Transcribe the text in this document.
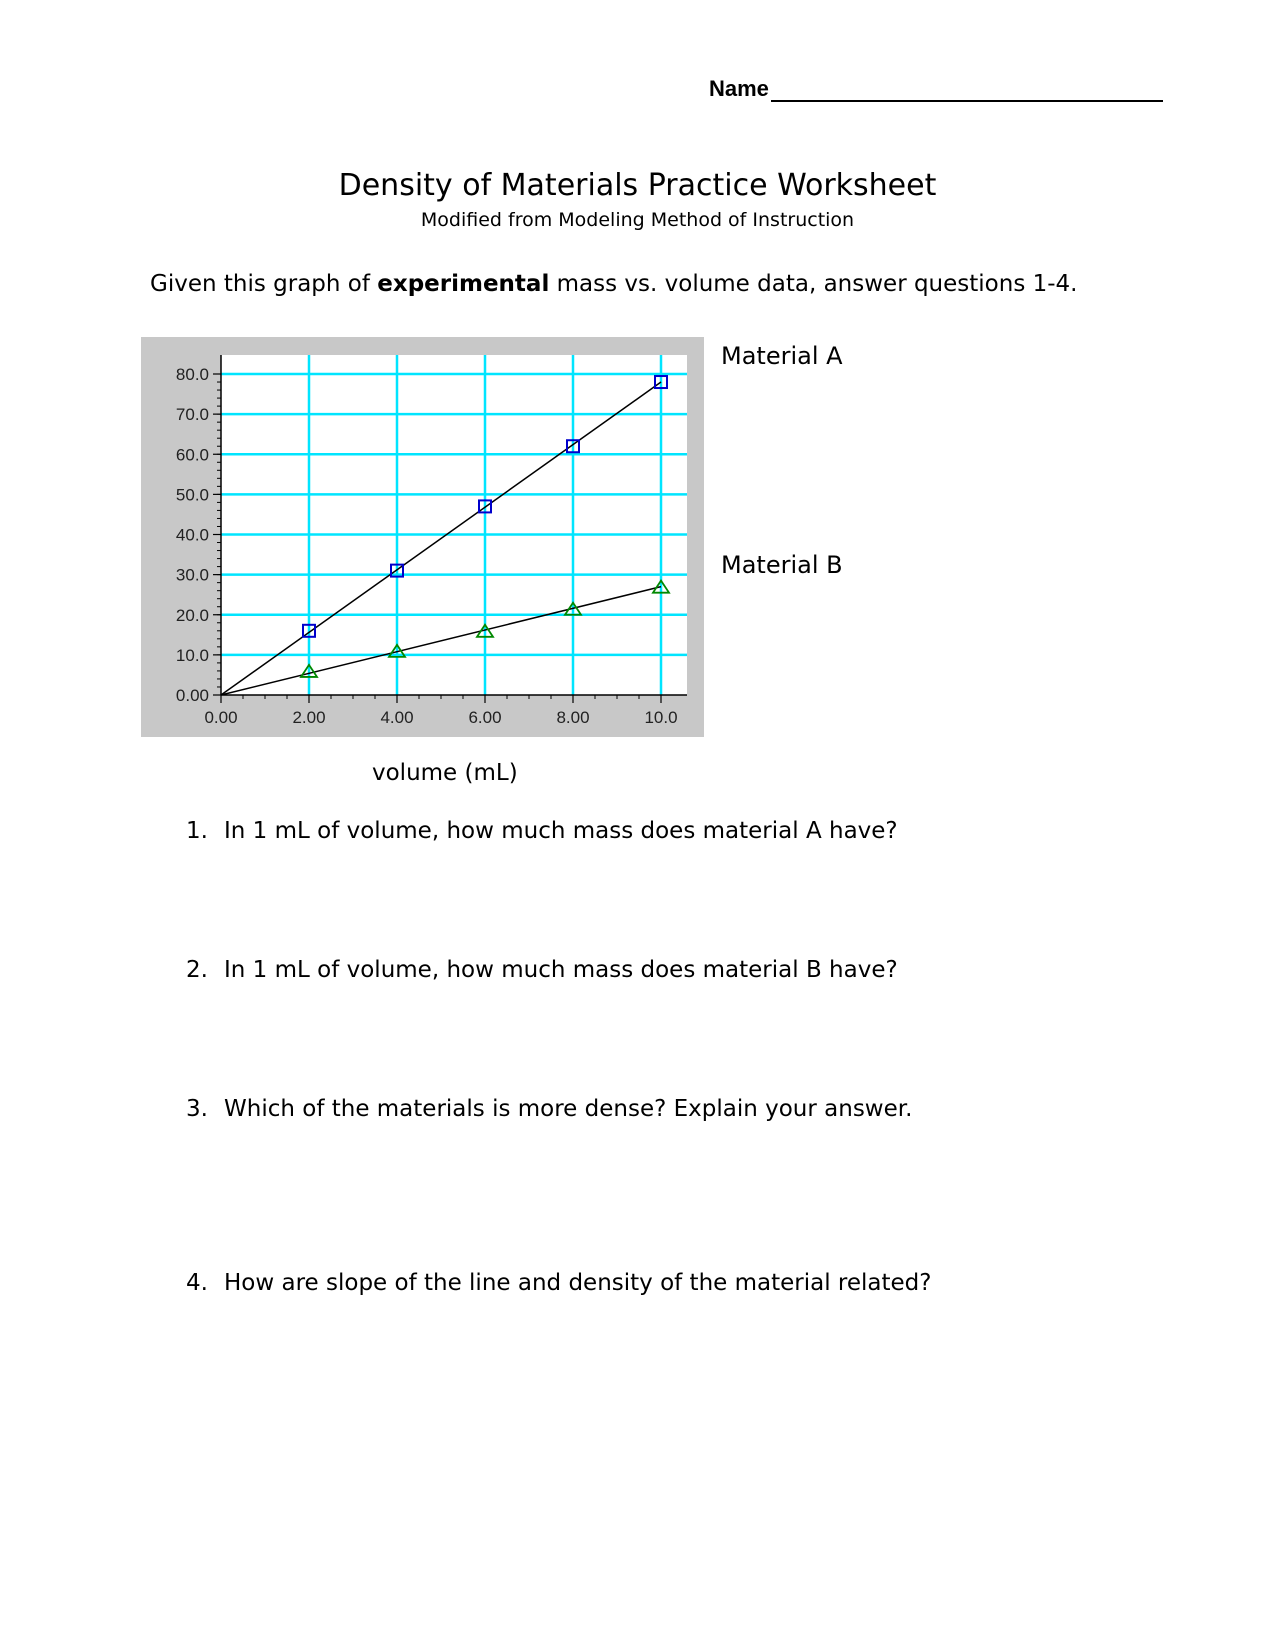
Name
Density of Materials Practice Worksheet
Modified from Modeling Method of Instruction
Given this graph of experimental mass vs. volume data, answer questions 1-4.
0.00
10.0
20.0
30.0
40.0
50.0
60.0
70.0
80.0
0.00	2.00	4.00	6.00	8.00	10.0
Material A
Material B
volume (mL)
1. In 1 mL of volume, how much mass does material A have?
2. In 1 mL of volume, how much mass does material B have?
3. Which of the materials is more dense? Explain your answer.
4. How are slope of the line and density of the material related?
